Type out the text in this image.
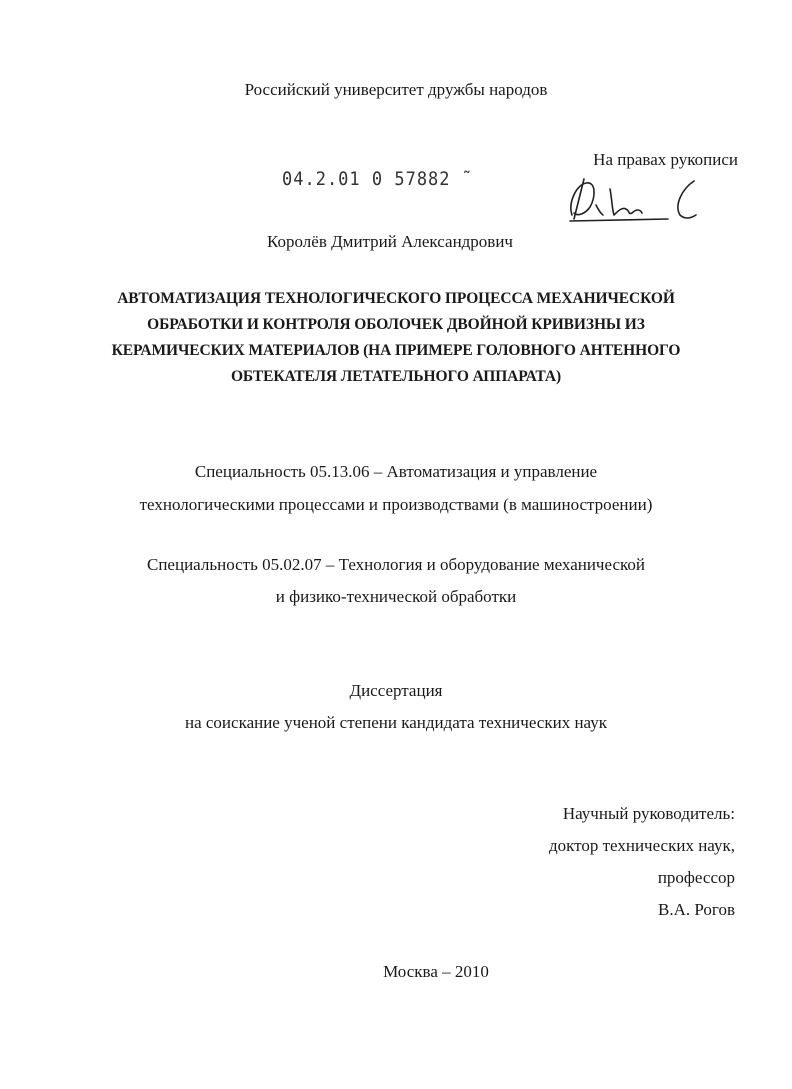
Российский университет дружбы народов
На правах рукописи
04.2.01 0 57882 ˜
Королёв Дмитрий Александрович
АВТОМАТИЗАЦИЯ ТЕХНОЛОГИЧЕСКОГО ПРОЦЕССА МЕХАНИЧЕСКОЙ
ОБРАБОТКИ И КОНТРОЛЯ ОБОЛОЧЕК ДВОЙНОЙ КРИВИЗНЫ ИЗ
КЕРАМИЧЕСКИХ МАТЕРИАЛОВ (НА ПРИМЕРЕ ГОЛОВНОГО АНТЕННОГО
ОБТЕКАТЕЛЯ ЛЕТАТЕЛЬНОГО АППАРАТА)
Специальность 05.13.06 – Автоматизация и управление
технологическими процессами и производствами (в машиностроении)
Специальность 05.02.07 – Технология и оборудование механической
и физико-технической обработки
Диссертация
на соискание ученой степени кандидата технических наук
Научный руководитель:
доктор технических наук,
профессор
В.А. Рогов
Москва – 2010
